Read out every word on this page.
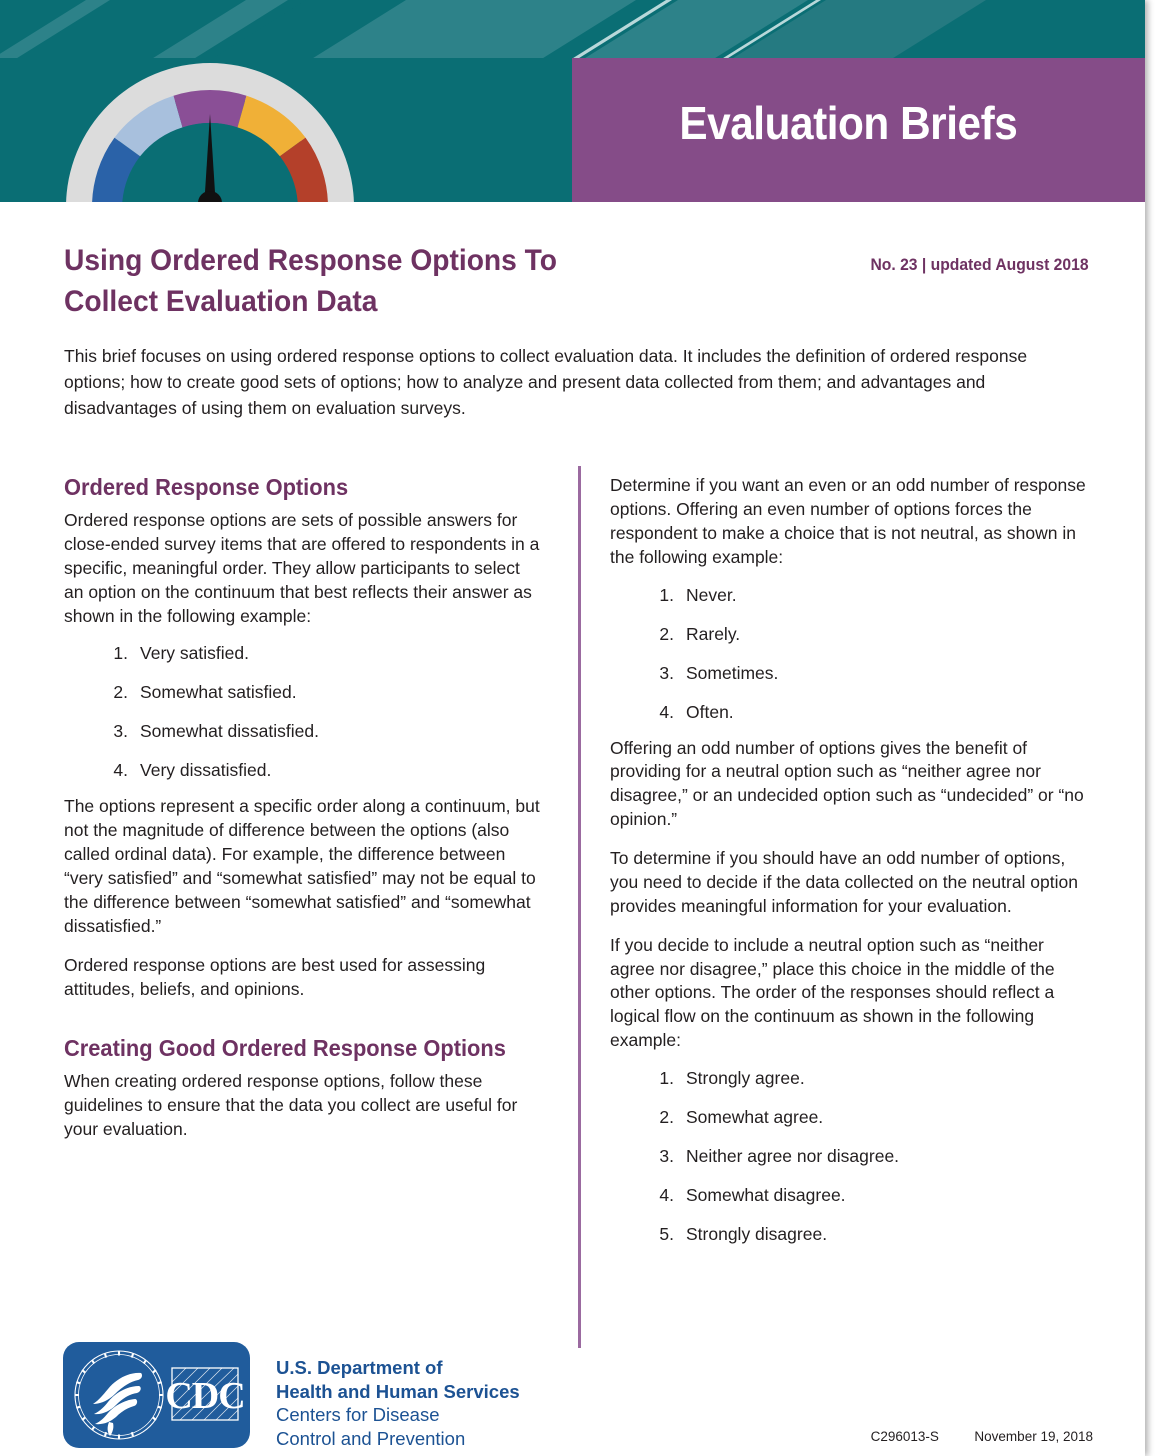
Evaluation Briefs
Using Ordered Response Options To Collect Evaluation Data
No. 23 | updated August 2018
This brief focuses on using ordered response options to collect evaluation data. It includes the definition of ordered response options; how to create good sets of options; how to analyze and present data collected from them; and advantages and disadvantages of using them on evaluation surveys.
Ordered Response Options

Ordered response options are sets of possible answers for close-ended survey items that are offered to respondents in a specific, meaningful order. They allow participants to select an option on the continuum that best reflects their answer as shown in the following example:

Very satisfied.
Somewhat satisfied.
Somewhat dissatisfied.
Very dissatisfied.

The options represent a specific order along a continuum, but not the magnitude of difference between the options (also called ordinal data). For example, the difference between “very satisfied” and “somewhat satisfied” may not be equal to the difference between “somewhat satisfied” and “somewhat dissatisfied.”

Ordered response options are best used for assessing attitudes, beliefs, and opinions.

Creating Good Ordered Response Options

When creating ordered response options, follow these guidelines to ensure that the data you collect are useful for your evaluation.

Determine if you want an even or an odd number of response options. Offering an even number of options forces the respondent to make a choice that is not neutral, as shown in the following example:

Never.
Rarely.
Sometimes.
Often.

Offering an odd number of options gives the benefit of providing for a neutral option such as “neither agree nor disagree,” or an undecided option such as “undecided” or “no opinion.”

To determine if you should have an odd number of options, you need to decide if the data collected on the neutral option provides meaningful information for your evaluation.

If you decide to include a neutral option such as “neither agree nor disagree,” place this choice in the middle of the other options. The order of the responses should reflect a logical flow on the continuum as shown in the following example:

Strongly agree.
Somewhat agree.
Neither agree nor disagree.
Somewhat disagree.
Strongly disagree.
CDC
U.S. Department of
Health and Human Services
Centers for Disease
Control and Prevention	C296013-S	November 19, 2018
